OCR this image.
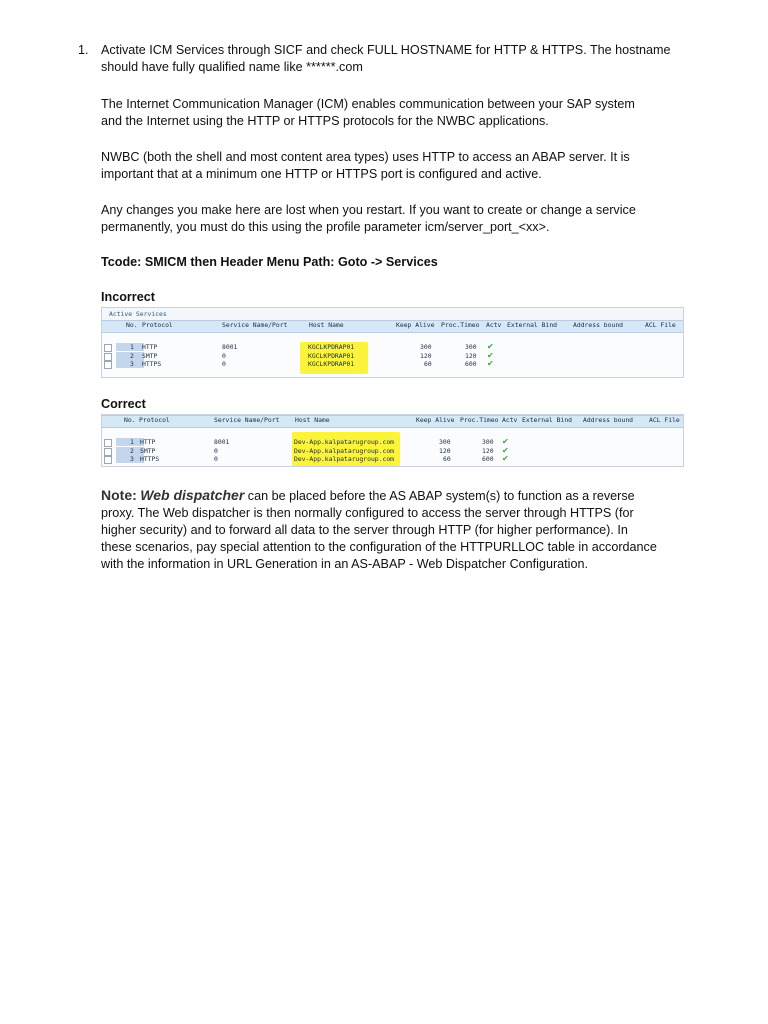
1. Activate ICM Services through SICF and check FULL HOSTNAME for HTTP & HTTPS. The hostname
should have fully qualified name like ******.com
The Internet Communication Manager (ICM) enables communication between your SAP system
and the Internet using the HTTP or HTTPS protocols for the NWBC applications.
NWBC (both the shell and most content area types) uses HTTP to access an ABAP server. It is
important that at a minimum one HTTP or HTTPS port is configured and active.
Any changes you make here are lost when you restart. If you want to create or change a service
permanently, you must do this using the profile parameter icm/server_port_<xx>.
Tcode: SMICM then Header Menu Path: Goto -> Services
Incorrect
Active Services
No. Protocol	Service Name/Port	Host Name	Keep Alive Proc.Timeo Actv External Bind Address bound	ACL File
1 HTTP	8001	KGCLKPDRAP01	300	300 ✔
2 SMTP	0	KGCLKPDRAP01	120	120 ✔
3 HTTPS	0	KGCLKPDRAP01	60	600 ✔
Correct
No. Protocol	Service Name/Port Host Name	Keep Alive Proc.Timeo Actv External Bind Address bound ACL File
1 HTTP	8001	Dev-App.kalpatarugroup.com	300	300 ✔
2 SMTP	0	Dev-App.kalpatarugroup.com	120	120 ✔
3 HTTPS	0	Dev-App.kalpatarugroup.com	60	600 ✔
Note: Web dispatcher can be placed before the AS ABAP system(s) to function as a reverse
proxy. The Web dispatcher is then normally configured to access the server through HTTPS (for
higher security) and to forward all data to the server through HTTP (for higher performance). In
these scenarios, pay special attention to the configuration of the HTTPURLLOC table in accordance
with the information in URL Generation in an AS-ABAP - Web Dispatcher Configuration.
